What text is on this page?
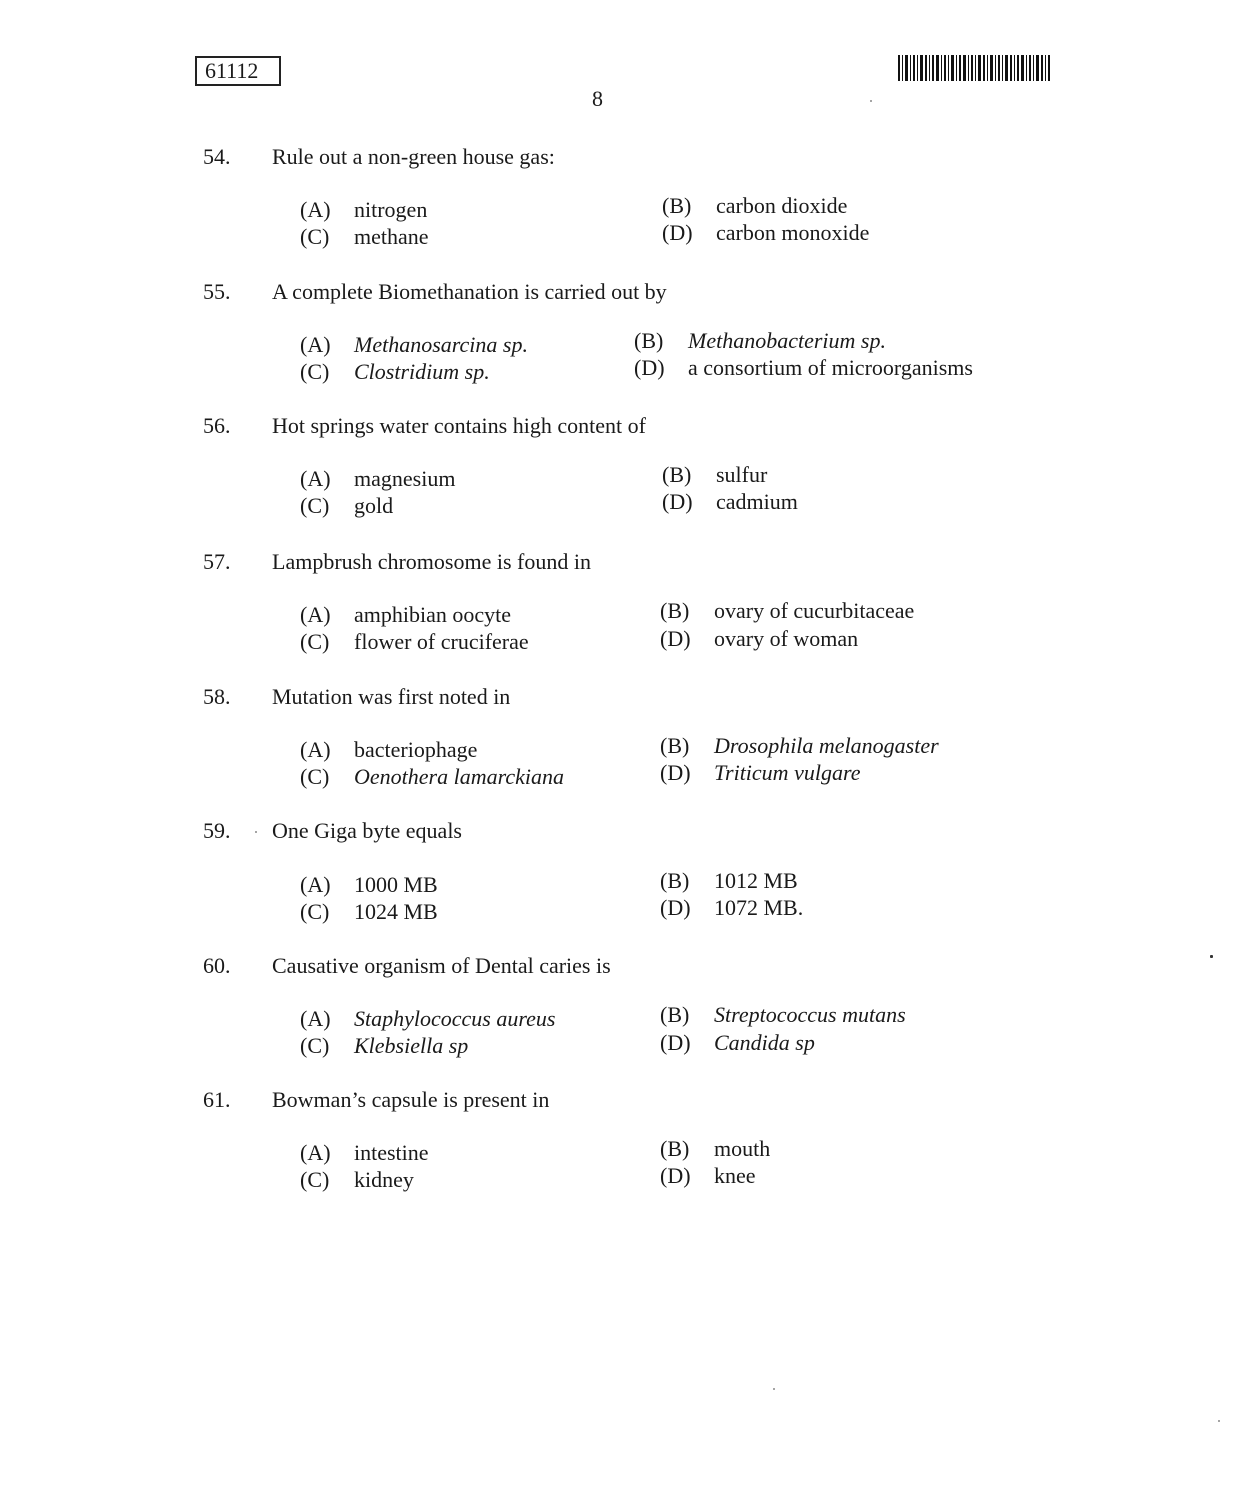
61112
8
54. Rule out a non-green house gas:
(A) nitrogen	(B) carbon dioxide
(C) methane	(D) carbon monoxide
55. A complete Biomethanation is carried out by
(A) Methanosarcina sp.	(B) Methanobacterium sp.
(C) Clostridium sp.	(D) a consortium of microorganisms
56. Hot springs water contains high content of
(A) magnesium	(B) sulfur
(C) gold	(D) cadmium
57. Lampbrush chromosome is found in
(A) amphibian oocyte	(B) ovary of cucurbitaceae
(C) flower of cruciferae	(D) ovary of woman
58. Mutation was first noted in
(A) bacteriophage	(B) Drosophila melanogaster
(C) Oenothera lamarckiana	(D) Triticum vulgare
59. One Giga byte equals
(A) 1000 MB	(B) 1012 MB
(C) 1024 MB	(D) 1072 MB.
60. Causative organism of Dental caries is
(A) Staphylococcus aureus	(B) Streptococcus mutans
(C) Klebsiella sp	(D) Candida sp
61. Bowman’s capsule is present in
(A) intestine	(B) mouth
(C) kidney	(D) knee
